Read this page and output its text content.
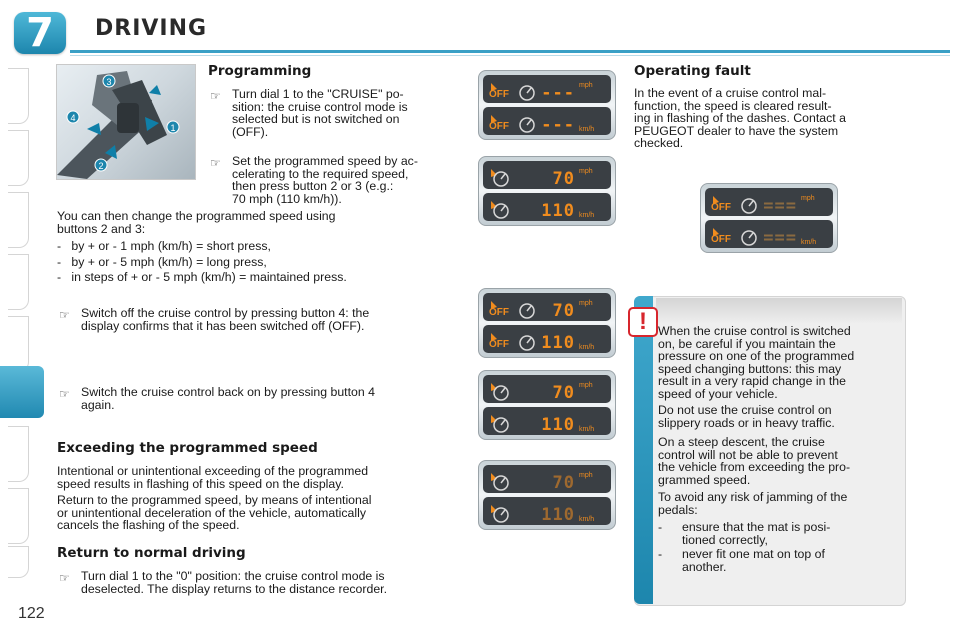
7	DRIVING
122
3
1
4
2
Programming
☞ Turn dial 1 to the "CRUISE" po-
sition: the cruise control mode is
selected but is not switched on
(OFF).
☞ Set the programmed speed by ac-
celerating to the required speed,
then press button 2 or 3 (e.g.:
70 mph (110 km/h)).
You can then change the programmed speed using
buttons 2 and 3:
-   by + or - 1 mph (km/h) = short press,
-   by + or - 5 mph (km/h) = long press,
-   in steps of + or - 5 mph (km/h) = maintained press.
☞ Switch off the cruise control by pressing button 4: the
display confirms that it has been switched off (OFF).
☞ Switch the cruise control back on by pressing button 4
again.
Exceeding the programmed speed
Intentional or unintentional exceeding of the programmed
speed results in flashing of this speed on the display.
Return to the programmed speed, by means of intentional
or unintentional deceleration of the vehicle, automatically
cancels the flashing of the speed.
Return to normal driving
☞ Turn dial 1 to the "0" position: the cruise control mode is
deselected. The display returns to the distance recorder.
OFF --- mph
OFF --- km/h
70 mph
110 km/h
OFF	70 mph
OFF 110 km/h
70 mph
110 km/h
70 mph
110 km/h
OFF === mph
OFF === km/h
Operating fault
In the event of a cruise control mal-
function, the speed is cleared result-
ing in flashing of the dashes. Contact a
PEUGEOT dealer to have the system
checked.
! When the cruise control is switched
on, be careful if you maintain the
pressure on one of the programmed
speed changing buttons: this may
result in a very rapid change in the
speed of your vehicle.
Do not use the cruise control on
slippery roads or in heavy traffic.
On a steep descent, the cruise
control will not be able to prevent
the vehicle from exceeding the pro-
grammed speed.
To avoid any risk of jamming of the
pedals:
-	ensure that the mat is posi-
tioned correctly,
-	never fit one mat on top of
another.
